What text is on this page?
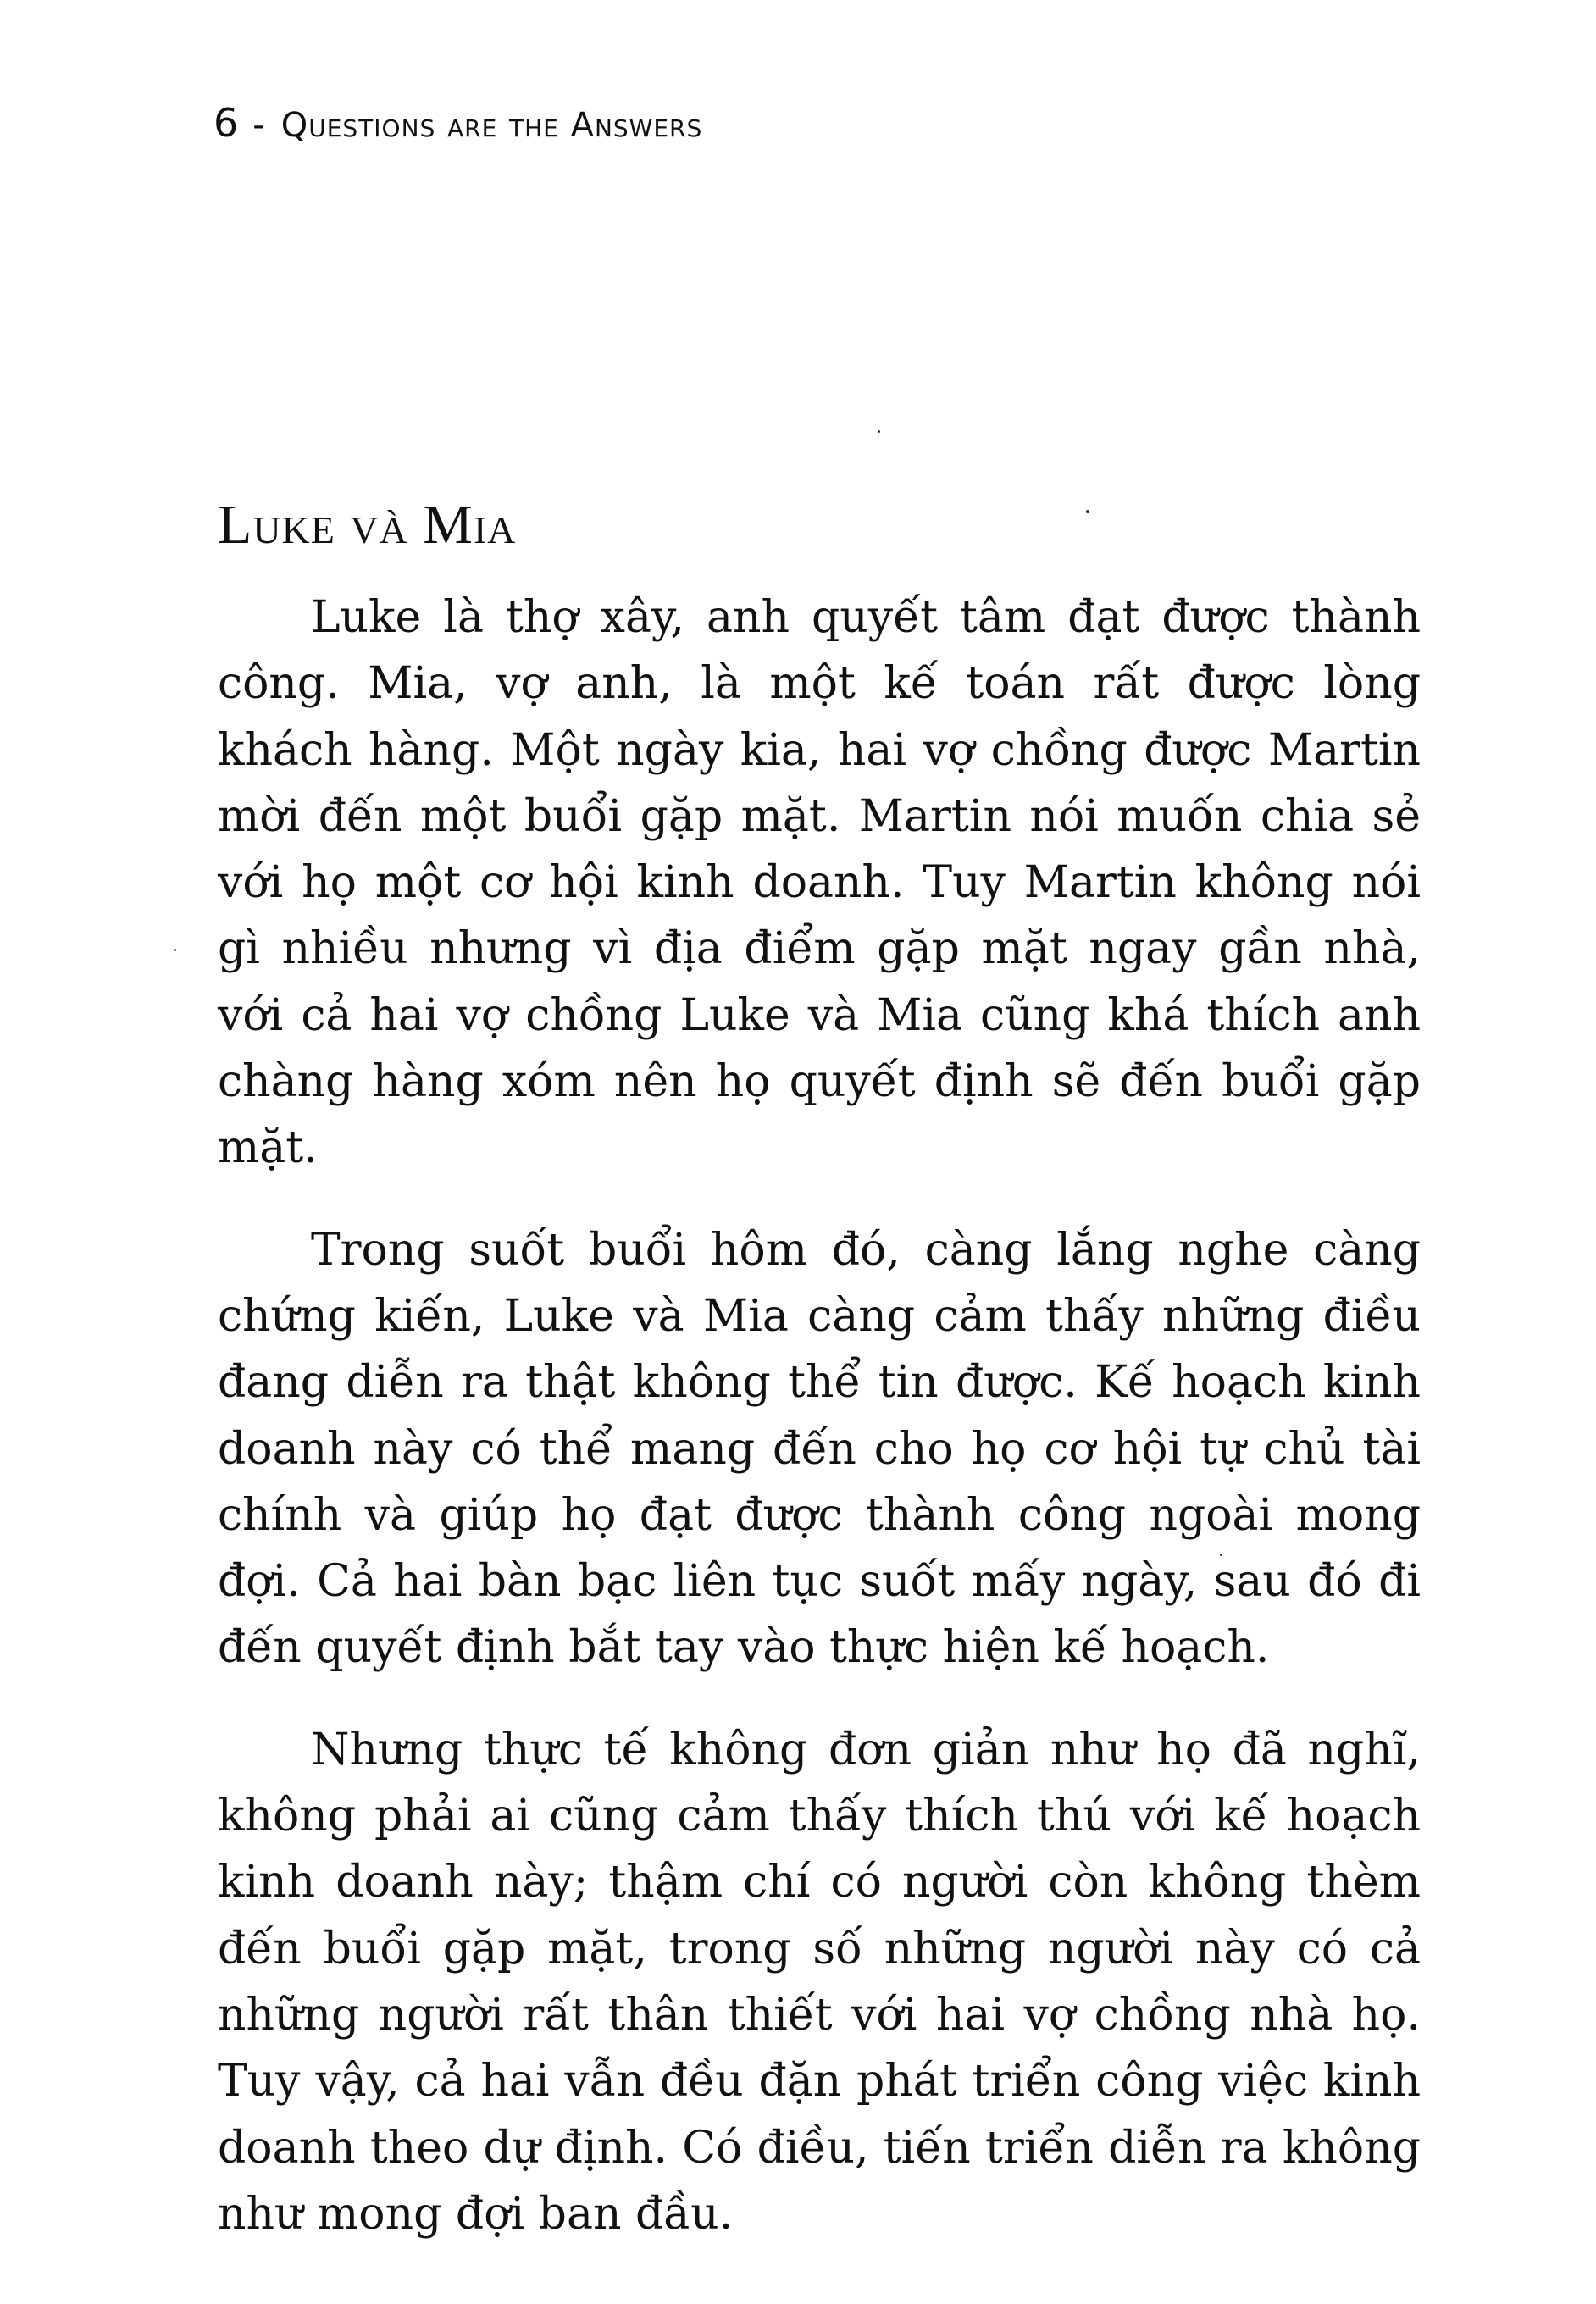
6 - Questions are the Answers
Luke và Mia

Luke là thợ xây, anh quyết tâm đạt được thành công. Mia, vợ anh, là một kế toán rất được lòng khách hàng. Một ngày kia, hai vợ chồng được Martin mời đến một buổi gặp mặt. Martin nói muốn chia sẻ với họ một cơ hội kinh doanh. Tuy Martin không nói gì nhiều nhưng vì địa điểm gặp mặt ngay gần nhà, với cả hai vợ chồng Luke và Mia cũng khá thích anh chàng hàng xóm nên họ quyết định sẽ đến buổi gặp mặt.

Trong suốt buổi hôm đó, càng lắng nghe càng chứng kiến, Luke và Mia càng cảm thấy những điều đang diễn ra thật không thể tin được. Kế hoạch kinh doanh này có thể mang đến cho họ cơ hội tự chủ tài chính và giúp họ đạt được thành công ngoài mong đợi. Cả hai bàn bạc liên tục suốt mấy ngày, sau đó đi đến quyết định bắt tay vào thực hiện kế hoạch.

Nhưng thực tế không đơn giản như họ đã nghĩ, không phải ai cũng cảm thấy thích thú với kế hoạch kinh doanh này; thậm chí có người còn không thèm đến buổi gặp mặt, trong số những người này có cả những người rất thân thiết với hai vợ chồng nhà họ. Tuy vậy, cả hai vẫn đều đặn phát triển công việc kinh doanh theo dự định. Có điều, tiến triển diễn ra không như mong đợi ban đầu.
